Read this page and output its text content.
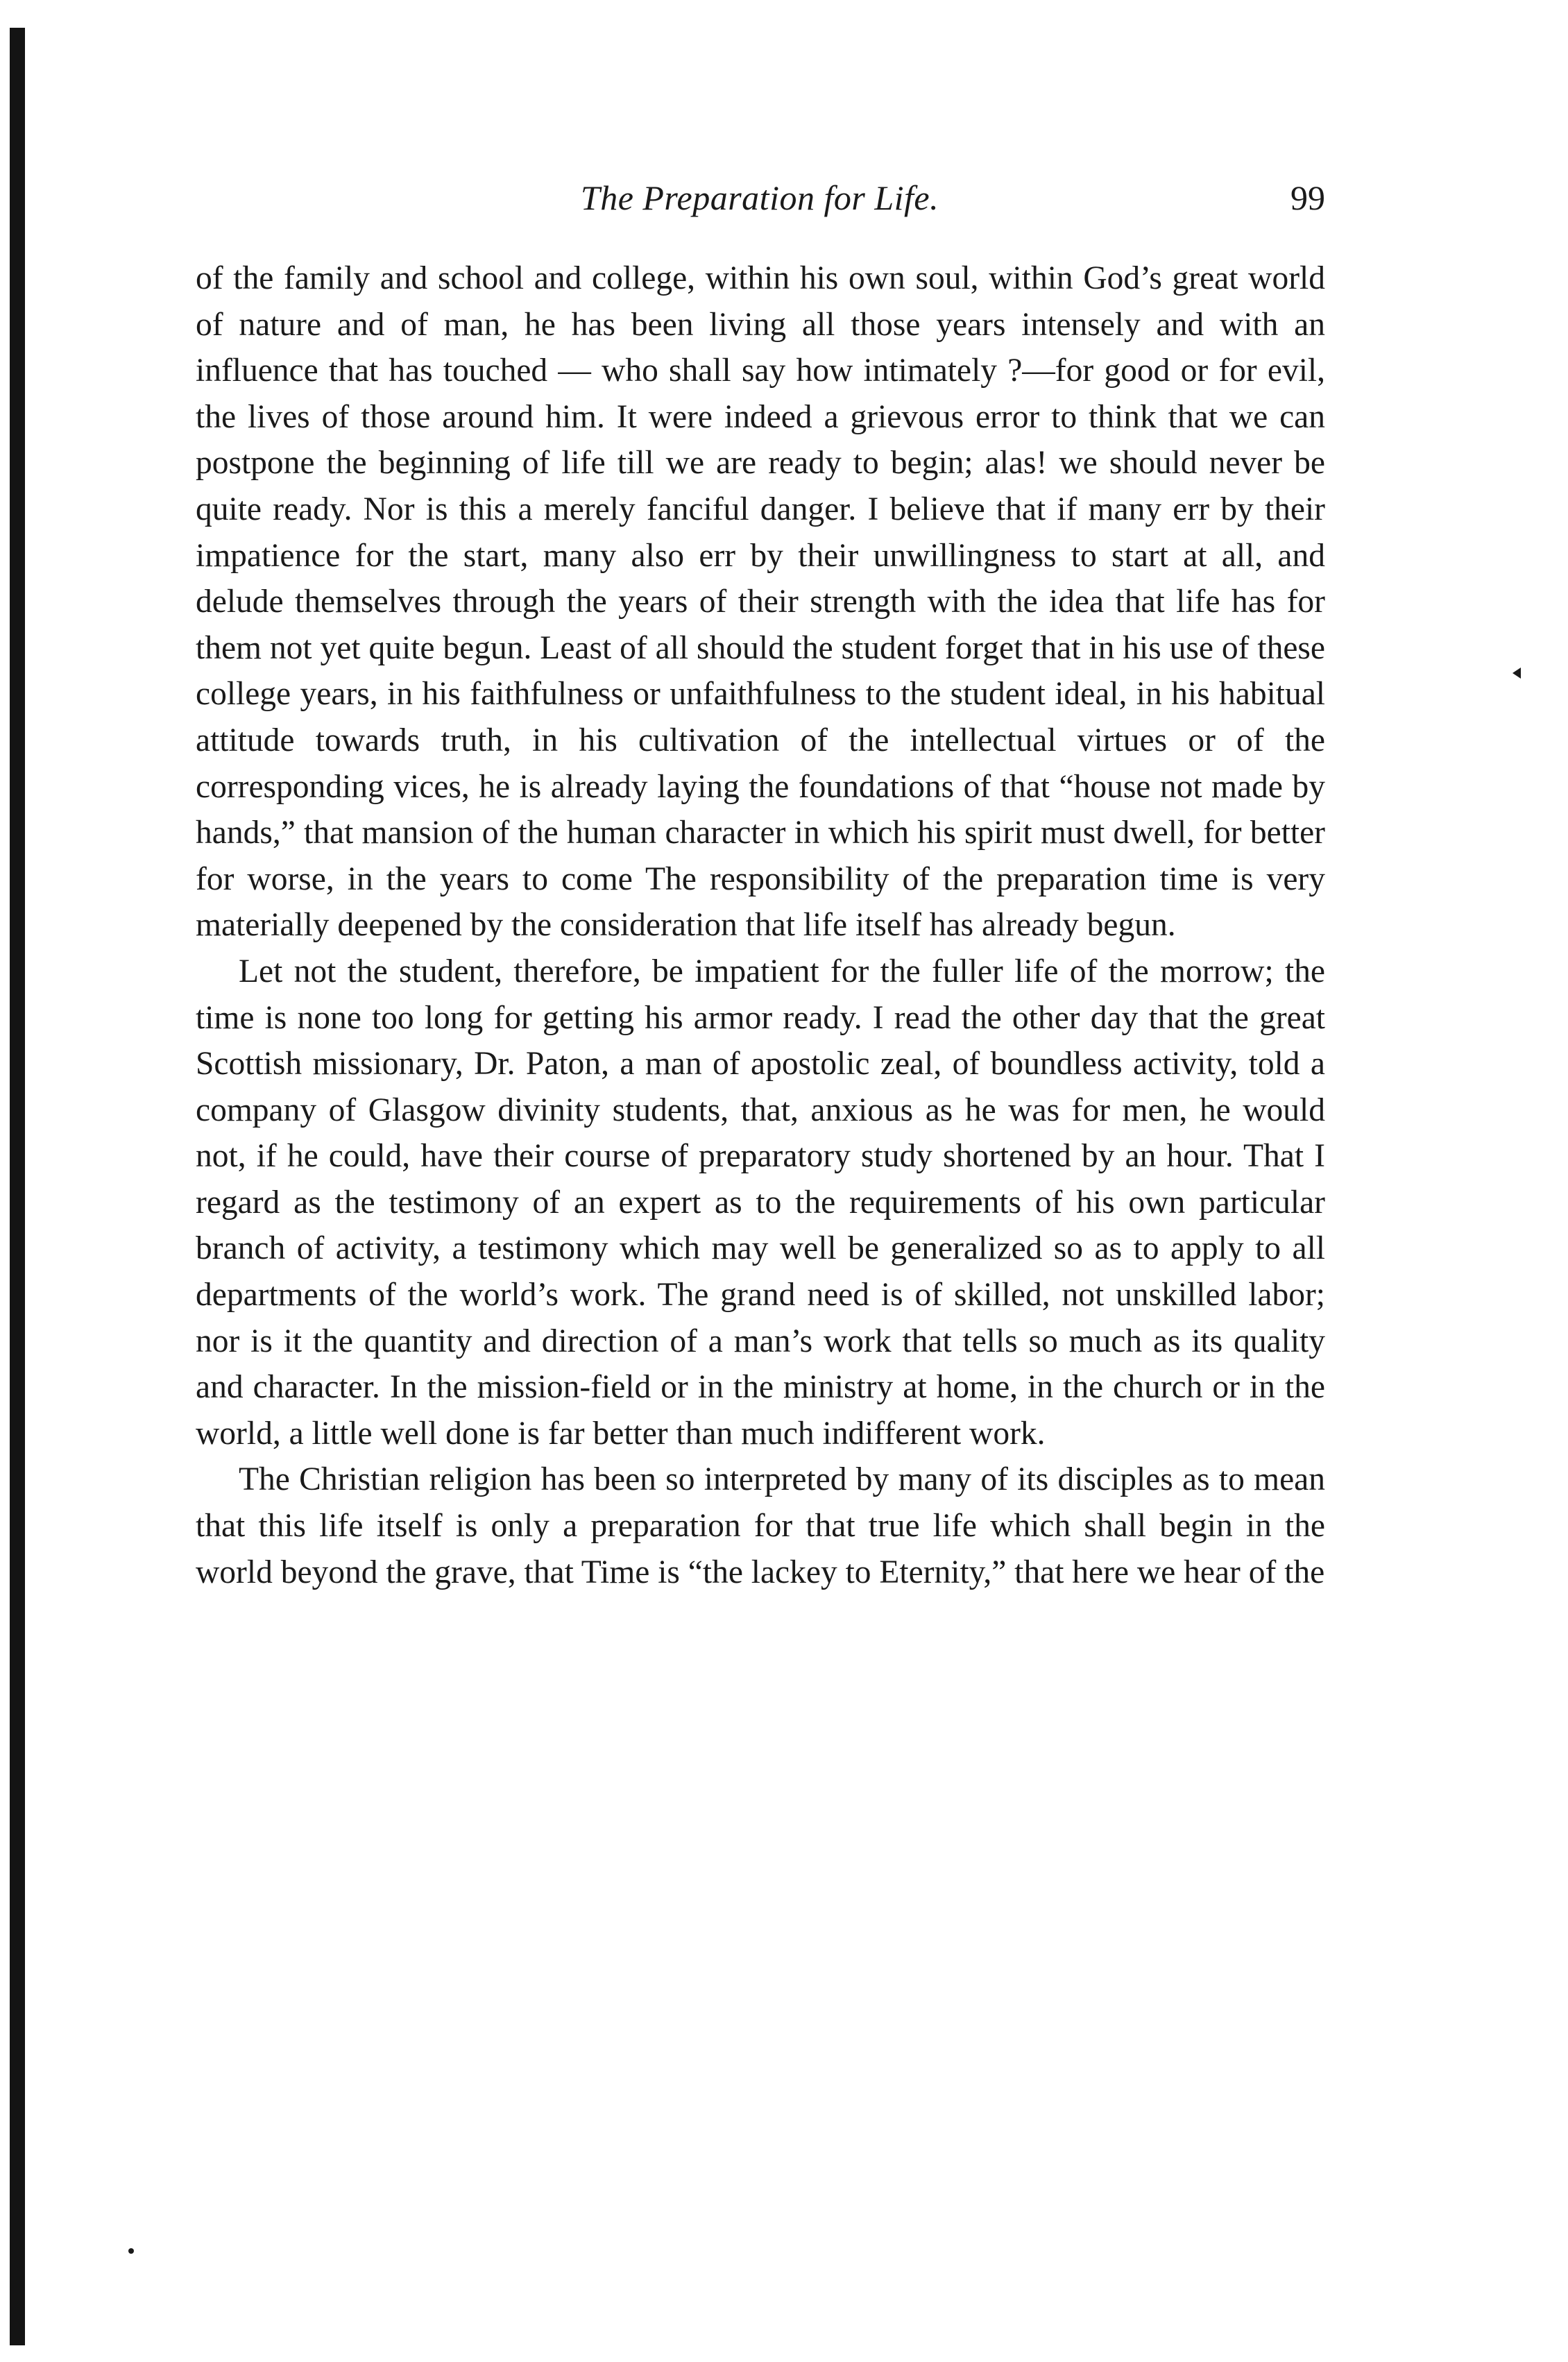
The Preparation for Life.	99

of the family and school and college, within his own soul, within God’s great world of nature and of man, he has been living all those years intensely and with an influence that has touched — who shall say how intimately ?—for good or for evil, the lives of those around him. It were indeed a grievous error to think that we can postpone the beginning of life till we are ready to begin; alas! we should never be quite ready. Nor is this a merely fanciful danger. I believe that if many err by their impatience for the start, many also err by their unwillingness to start at all, and delude themselves through the years of their strength with the idea that life has for them not yet quite begun. Least of all should the student forget that in his use of these college years, in his faithfulness or unfaithfulness to the student ideal, in his habitual attitude towards truth, in his cultivation of the intellectual virtues or of the corresponding vices, he is already laying the foundations of that “house not made by hands,” that mansion of the human character in which his spirit must dwell, for better for worse, in the years to come The responsibility of the preparation time is very materially deepened by the consideration that life itself has already begun.

Let not the student, therefore, be impatient for the fuller life of the morrow; the time is none too long for getting his armor ready. I read the other day that the great Scottish missionary, Dr. Paton, a man of apostolic zeal, of boundless activity, told a company of Glasgow divinity students, that, anxious as he was for men, he would not, if he could, have their course of preparatory study shortened by an hour. That I regard as the testimony of an expert as to the requirements of his own particular branch of activity, a testimony which may well be generalized so as to apply to all departments of the world’s work. The grand need is of skilled, not unskilled labor; nor is it the quantity and direction of a man’s work that tells so much as its quality and character. In the mission-field or in the ministry at home, in the church or in the world, a little well done is far better than much indifferent work.

The Christian religion has been so interpreted by many of its disciples as to mean that this life itself is only a preparation for that true life which shall begin in the world beyond the grave, that Time is “the lackey to Eternity,” that here we hear of the
